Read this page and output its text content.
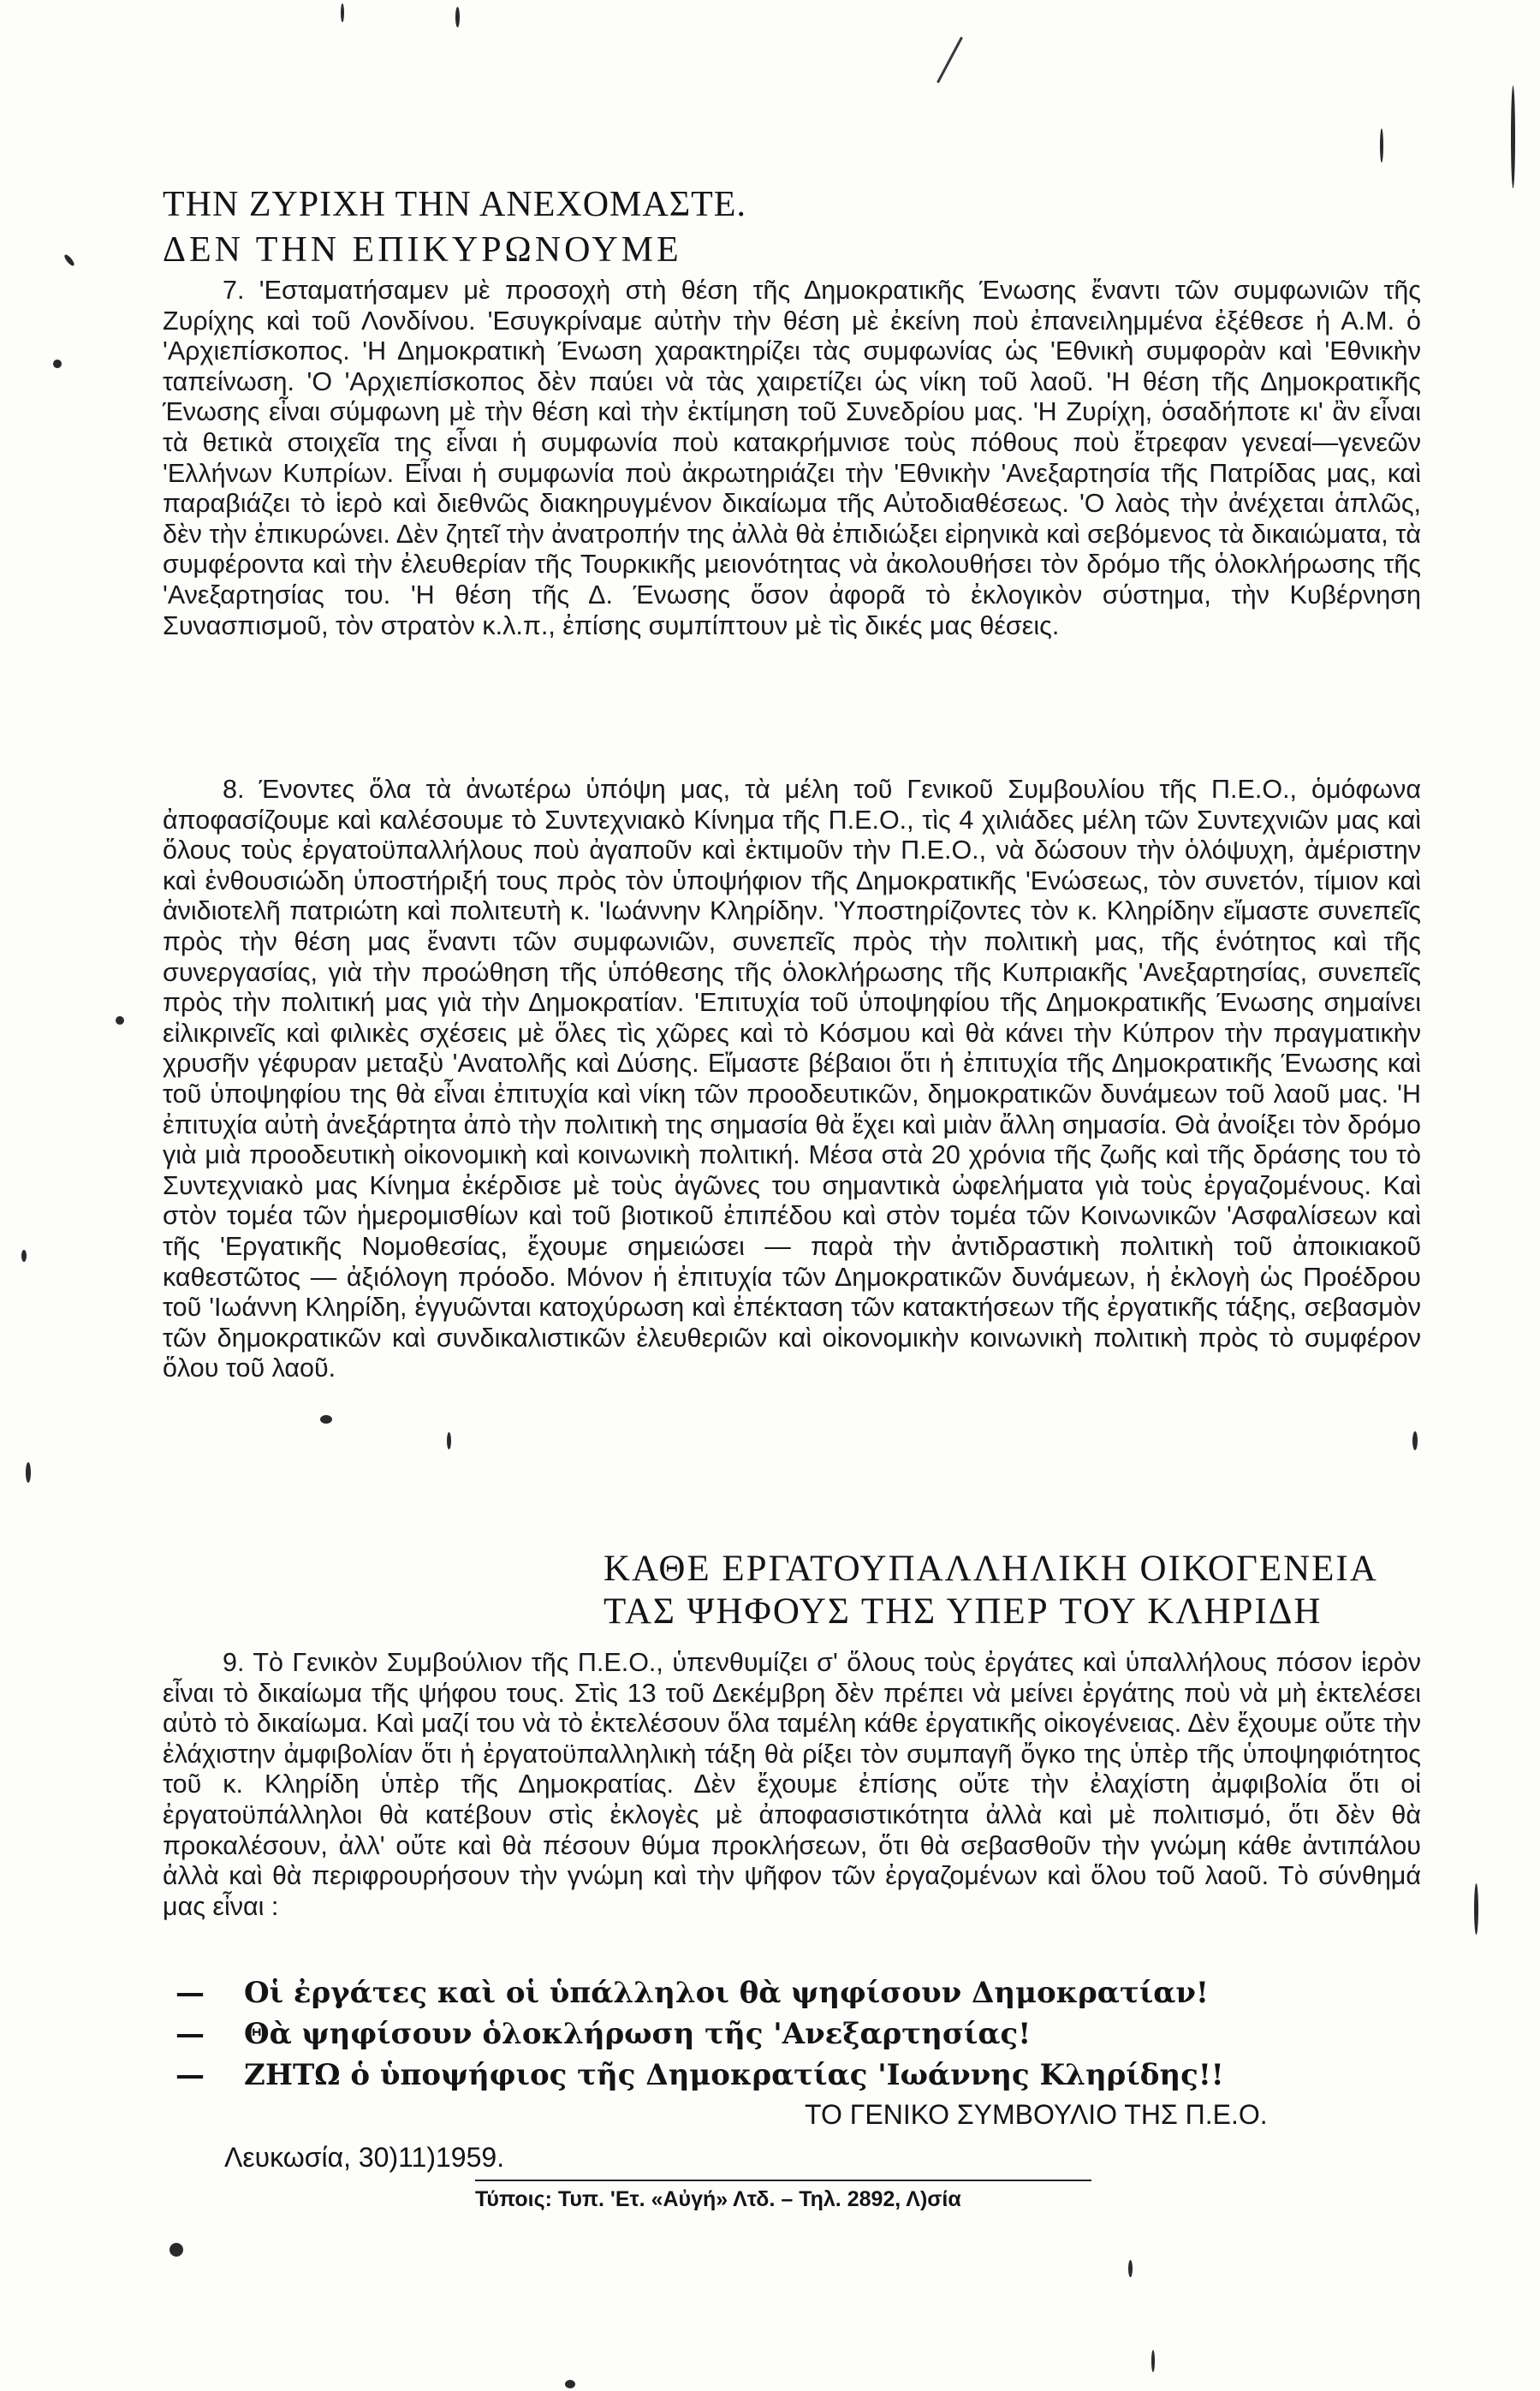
ΤΗΝ ΖΥΡΙΧΗ ΤΗΝ ΑΝΕΧΟΜΑΣΤΕ.
ΔΕΝ ΤΗΝ ΕΠΙΚΥΡΩΝΟΥΜΕ

7. 'Εσταματήσαμεν μὲ προσοχὴ στὴ θέση τῆς Δημοκρατικῆς Ένωσης ἔναντι τῶν συμφωνιῶν τῆς Ζυρίχης καὶ τοῦ Λονδίνου. 'Εσυγκρίναμε αὐτὴν τὴν θέση μὲ ἐκείνη ποὺ ἐπανειλημμένα ἐξέθεσε ἡ Α.Μ. ὁ 'Αρχιεπίσκοπος. 'Η Δημοκρατικὴ Ένωση χαρακτηρίζει τὰς συμφωνίας ὡς 'Εθνικὴ συμφορὰν καὶ 'Εθνικὴν ταπείνωση. 'Ο 'Αρχιεπίσκοπος δὲν παύει νὰ τὰς χαιρετίζει ὡς νίκη τοῦ λαοῦ. 'Η θέση τῆς Δημοκρατικῆς Ένωσης εἶναι σύμφωνη μὲ τὴν θέση καὶ τὴν ἐκτίμηση τοῦ Συνεδρίου μας. 'Η Ζυρίχη, ὁσαδήποτε κι' ἂν εἶναι τὰ θετικὰ στοιχεῖα της εἶναι ἡ συμφωνία ποὺ κατακρήμνισε τοὺς πόθους ποὺ ἔτρεφαν γενεαί—γενεῶν 'Ελλήνων Κυπρίων. Εἶναι ἡ συμφωνία ποὺ ἀκρωτηριάζει τὴν 'Εθνικὴν 'Ανεξαρτησία τῆς Πατρίδας μας, καὶ παραβιάζει τὸ ἱερὸ καὶ διεθνῶς διακηρυγμένον δικαίωμα τῆς Αὐτοδιαθέσεως. 'Ο λαὸς τὴν ἀνέχεται ἁπλῶς, δὲν τὴν ἐπικυρώνει. Δὲν ζητεῖ τὴν ἀνατροπήν της ἀλλὰ θὰ ἐπιδιώξει εἰρηνικὰ καὶ σεβόμενος τὰ δικαιώματα, τὰ συμφέροντα καὶ τὴν ἐλευθερίαν τῆς Τουρκικῆς μειονότητας νὰ ἀκολουθήσει τὸν δρόμο τῆς ὁλοκλήρωσης τῆς 'Ανεξαρτησίας του. 'Η θέση τῆς Δ. Ένωσης ὅσον ἀφορᾶ τὸ ἐκλογικὸν σύστημα, τὴν Κυβέρνηση Συνασπισμοῦ, τὸν στρατὸν κ.λ.π., ἐπίσης συμπίπτουν μὲ τὶς δικές μας θέσεις.

8. Ένοντες ὅλα τὰ ἀνωτέρω ὑπόψη μας, τὰ μέλη τοῦ Γενικοῦ Συμβουλίου τῆς Π.Ε.Ο., ὁμόφωνα ἀποφασίζουμε καὶ καλέσουμε τὸ Συντεχνιακὸ Κίνημα τῆς Π.Ε.Ο., τὶς 4 χιλιάδες μέλη τῶν Συντεχνιῶν μας καὶ ὅλους τοὺς ἐργατοϋπαλλήλους ποὺ ἀγαποῦν καὶ ἐκτιμοῦν τὴν Π.Ε.Ο., νὰ δώσουν τὴν ὁλόψυχη, ἀμέριστην καὶ ἐνθουσιώδη ὑποστήριξή τους πρὸς τὸν ὑποψήφιον τῆς Δημοκρατικῆς 'Ενώσεως, τὸν συνετόν, τίμιον καὶ ἀνιδιοτελῆ πατριώτη καὶ πολιτευτὴ κ. 'Ιωάννην Κληρίδην. 'Υποστηρίζοντες τὸν κ. Κληρίδην εἴμαστε συνεπεῖς πρὸς τὴν θέση μας ἔναντι τῶν συμφωνιῶν, συνεπεῖς πρὸς τὴν πολιτικὴ μας, τῆς ἑνότητος καὶ τῆς συνεργασίας, γιὰ τὴν προώθηση τῆς ὑπόθεσης τῆς ὁλοκλήρωσης τῆς Κυπριακῆς 'Ανεξαρτησίας, συνεπεῖς πρὸς τὴν πολιτική μας γιὰ τὴν Δημοκρατίαν. 'Επιτυχία τοῦ ὑποψηφίου τῆς Δημοκρατικῆς Ένωσης σημαίνει εἰλικρινεῖς καὶ φιλικὲς σχέσεις μὲ ὅλες τὶς χῶρες καὶ τὸ Κόσμου καὶ θὰ κάνει τὴν Κύπρον τὴν πραγματικὴν χρυσῆν γέφυραν μεταξὺ 'Ανατολῆς καὶ Δύσης. Εἴμαστε βέβαιοι ὅτι ἡ ἐπιτυχία τῆς Δημοκρατικῆς Ένωσης καὶ τοῦ ὑποψηφίου της θὰ εἶναι ἐπιτυχία καὶ νίκη τῶν προοδευτικῶν, δημοκρατικῶν δυνάμεων τοῦ λαοῦ μας. 'Η ἐπιτυχία αὐτὴ ἀνεξάρτητα ἀπὸ τὴν πολιτικὴ της σημασία θὰ ἔχει καὶ μιὰν ἄλλη σημασία. Θὰ ἀνοίξει τὸν δρόμο γιὰ μιὰ προοδευτικὴ οἰκονομικὴ καὶ κοινωνικὴ πολιτική. Μέσα στὰ 20 χρόνια τῆς ζωῆς καὶ τῆς δράσης του τὸ Συντεχνιακὸ μας Κίνημα ἐκέρδισε μὲ τοὺς ἀγῶνες του σημαντικὰ ὠφελήματα γιὰ τοὺς ἐργαζομένους. Καὶ στὸν τομέα τῶν ἡμερομισθίων καὶ τοῦ βιοτικοῦ ἐπιπέδου καὶ στὸν τομέα τῶν Κοινωνικῶν 'Ασφαλίσεων καὶ τῆς 'Εργατικῆς Νομοθεσίας, ἔχουμε σημειώσει — παρὰ τὴν ἀντιδραστικὴ πολιτικὴ τοῦ ἀποικιακοῦ καθεστῶτος — ἀξιόλογη πρόοδο. Μόνον ἡ ἐπιτυχία τῶν Δημοκρατικῶν δυνάμεων, ἡ ἐκλογὴ ὡς Προέδρου τοῦ 'Ιωάννη Κληρίδη, ἐγγυῶνται κατοχύρωση καὶ ἐπέκταση τῶν κατακτήσεων τῆς ἐργατικῆς τάξης, σεβασμὸν τῶν δημοκρατικῶν καὶ συνδικαλιστικῶν ἐλευθεριῶν καὶ οἰκονομικὴν κοινωνικὴ πολιτικὴ πρὸς τὸ συμφέρον ὅλου τοῦ λαοῦ.

ΚΑΘΕ ΕΡΓΑΤΟΥΠΑΛΛΗΛΙΚΗ ΟΙΚΟΓΕΝΕΙΑ
ΤΑΣ ΨΗΦΟΥΣ ΤΗΣ ΥΠΕΡ ΤΟΥ ΚΛΗΡΙΔΗ

9. Τὸ Γενικὸν Συμβούλιον τῆς Π.Ε.Ο., ὑπενθυμίζει σ' ὅλους τοὺς ἐργάτες καὶ ὑπαλλήλους πόσον ἱερὸν εἶναι τὸ δικαίωμα τῆς ψήφου τους. Στὶς 13 τοῦ Δεκέμβρη δὲν πρέπει νὰ μείνει ἐργάτης ποὺ νὰ μὴ ἐκτελέσει αὐτὸ τὸ δικαίωμα. Καὶ μαζί του νὰ τὸ ἐκτελέσουν ὅλα ταμέλη κάθε ἐργατικῆς οἰκογένειας. Δὲν ἔχουμε οὔτε τὴν ἐλάχιστην ἀμφιβολίαν ὅτι ἡ ἐργατοϋπαλληλικὴ τάξη θὰ ρίξει τὸν συμπαγῆ ὄγκο της ὑπὲρ τῆς ὑποψηφιότητος τοῦ κ. Κληρίδη ὑπὲρ τῆς Δημοκρατίας. Δὲν ἔχουμε ἐπίσης οὔτε τὴν ἐλαχίστη ἀμφιβολία ὅτι οἱ ἐργατοϋπάλληλοι θὰ κατέβουν στὶς ἐκλογὲς μὲ ἀποφασιστικότητα ἀλλὰ καὶ μὲ πολιτισμό, ὅτι δὲν θὰ προκαλέσουν, ἀλλ' οὔτε καὶ θὰ πέσουν θύμα προκλήσεων, ὅτι θὰ σεβασθοῦν τὴν γνώμη κάθε ἀντιπάλου ἀλλὰ καὶ θὰ περιφρουρήσουν τὴν γνώμη καὶ τὴν ψῆφον τῶν ἐργαζομένων καὶ ὅλου τοῦ λαοῦ. Τὸ σύνθημά μας εἶναι :

— Οἱ ἐργάτες καὶ οἱ ὑπάλληλοι θὰ ψηφίσουν Δημοκρατίαν!
— Θὰ ψηφίσουν ὁλοκλήρωση τῆς 'Ανεξαρτησίας!
— ΖΗΤΩ ὁ ὑποψήφιος τῆς Δημοκρατίας 'Ιωάννης Κληρίδης!!
ΤΟ ΓΕΝΙΚΟ ΣΥΜΒΟΥΛΙΟ ΤΗΣ Π.Ε.Ο.
Λευκωσία, 30)11)1959.
Τύποις: Τυπ. 'Ετ. «Αὐγή» Λτδ. – Τηλ. 2892, Λ)σία
